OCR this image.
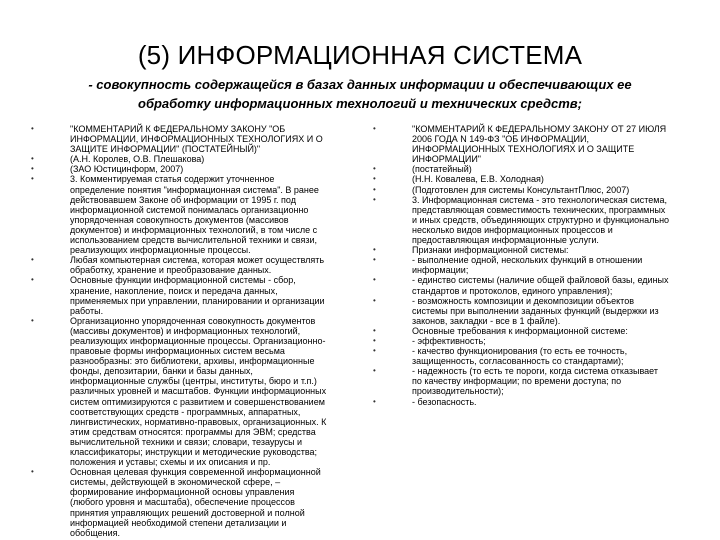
(5) ИНФОРМАЦИОННАЯ СИСТЕМА
- совокупность содержащейся в базах данных информации и обеспечивающих ее обработку информационных технологий и технических средств;
• "КОММЕНТАРИЙ К ФЕДЕРАЛЬНОМУ ЗАКОНУ "ОБ ИНФОРМАЦИИ, ИНФОРМАЦИОННЫХ ТЕХНОЛОГИЯХ И О ЗАЩИТЕ ИНФОРМАЦИИ" (ПОСТАТЕЙНЫЙ)"
• (А.Н. Королев, О.В. Плешакова)
• (ЗАО Юстицинформ, 2007)
• 3. Комментируемая статья содержит уточненное определение понятия "информационная система". В ранее действовавшем Законе об информации от 1995 г. под информационной системой понималась организационно упорядоченная совокупность документов (массивов документов) и информационных технологий, в том числе с использованием средств вычислительной техники и связи, реализующих информационные процессы.
• Любая компьютерная система, которая может осуществлять обработку, хранение и преобразование данных.
• Основные функции информационной системы - сбор, хранение, накопление, поиск и передача данных, применяемых при управлении, планировании и организации работы.
• Организационно упорядоченная совокупность документов (массивы документов) и информационных технологий, реализующих информационные процессы. Организационно-правовые формы информационных систем весьма разнообразны: это библиотеки, архивы, информационные фонды, депозитарии, банки и базы данных, информационные службы (центры, институты, бюро и т.п.) различных уровней и масштабов. Функции информационных систем оптимизируются с развитием и совершенствованием соответствующих средств - программных, аппаратных, лингвистических, нормативно-правовых, организационных. К этим средствам относятся: программы для ЭВМ; средства вычислительной техники и связи; словари, тезаурусы и классификаторы; инструкции и методические руководства; положения и уставы; схемы и их описания и пр.
• Основная целевая функция современной информационной системы, действующей в экономической сфере, – формирование информационной основы управления (любого уровня и масштаба), обеспечение процессов принятия управляющих решений достоверной и полной информацией необходимой степени детализации и обобщения.
• "КОММЕНТАРИЙ К ФЕДЕРАЛЬНОМУ ЗАКОНУ ОТ 27 ИЮЛЯ 2006 ГОДА N 149-ФЗ "ОБ ИНФОРМАЦИИ, ИНФОРМАЦИОННЫХ ТЕХНОЛОГИЯХ И О ЗАЩИТЕ ИНФОРМАЦИИ"
• (постатейный)
• (Н.Н. Ковалева, Е.В. Холодная)
• (Подготовлен для системы КонсультантПлюс, 2007)
• 3. Информационная система - это технологическая система, представляющая совместимость технических, программных и иных средств, объединяющих структурно и функционально несколько видов информационных процессов и предоставляющая информационные услуги.
• Признаки информационной системы:
• - выполнение одной, нескольких функций в отношении информации;
• - единство системы (наличие общей файловой базы, единых стандартов и протоколов, единого управления);
• - возможность композиции и декомпозиции объектов системы при выполнении заданных функций (выдержки из законов, закладки - все в 1 файле).
• Основные требования к информационной системе:
• - эффективность;
• - качество функционирования (то есть ее точность, защищенность, согласованность со стандартами);
• - надежность (то есть те пороги, когда система отказывает по качеству информации; по времени доступа; по производительности);
• - безопасность.
